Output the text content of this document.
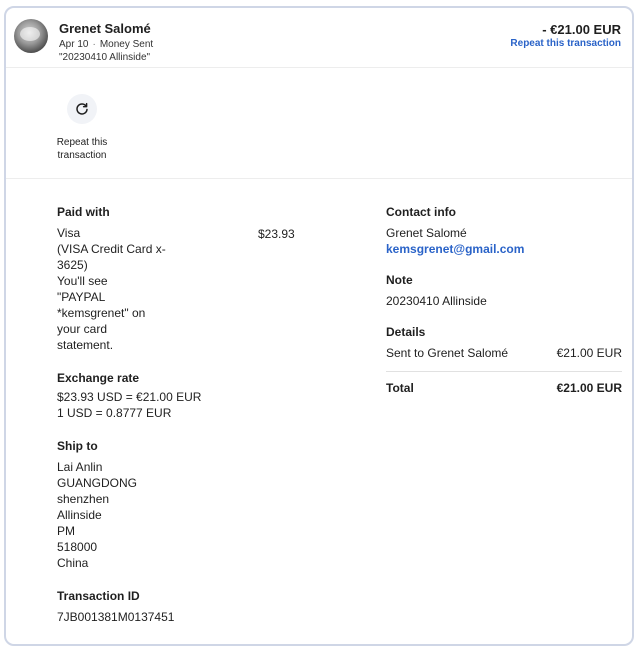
Grenet Salomé
Apr 10 · Money Sent
"20230410 Allinside"
- €21.00 EUR
Repeat this transaction
Repeat this
transaction
Paid with
Visa
(VISA Credit Card x-
3625)
You'll see
"PAYPAL
*kemsgrenet" on
your card
statement.
Exchange rate
$23.93 USD = €21.00 EUR
1 USD = 0.8777 EUR
Ship to
Lai Anlin
GUANGDONG
shenzhen
Allinside
PM
518000
China
Transaction ID
7JB001381M0137451
$23.93
Contact info
Grenet Salomé
kemsgrenet@gmail.com
Note
20230410 Allinside
Details
Sent to Grenet Salomé	€21.00 EUR
Total	€21.00 EUR
